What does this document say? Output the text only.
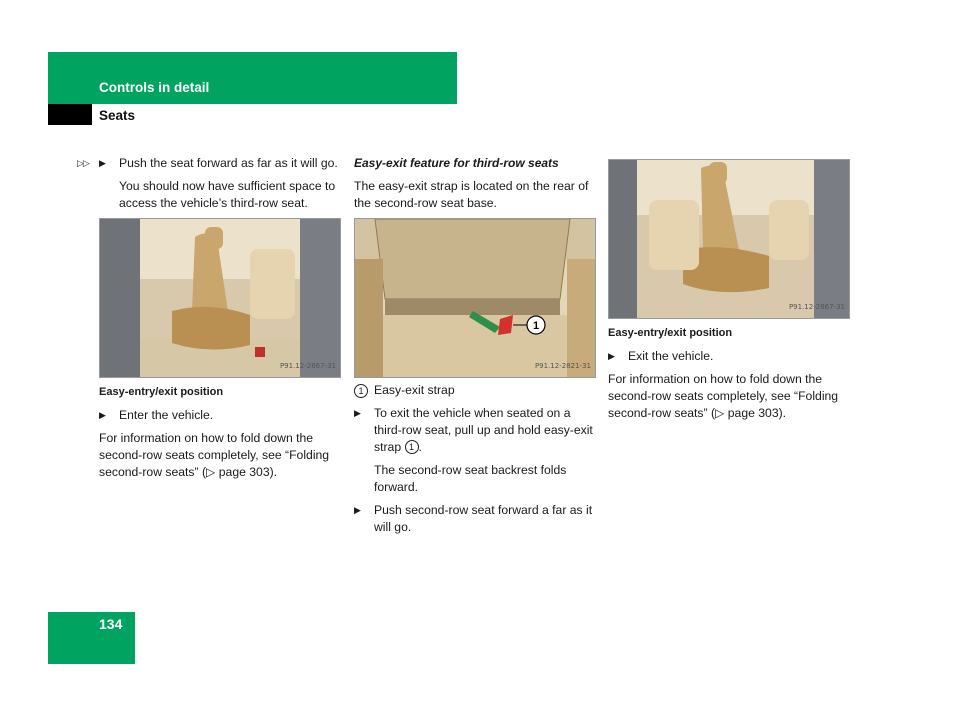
Controls in detail
Seats
▷▷ ▶ Push the seat forward as far as it will go.
You should now have sufficient space to access the vehicle’s third-row seat.
P91.12-2867-31
Easy-entry/exit position
▶ Enter the vehicle.
For information on how to fold down the second-row seats completely, see “Folding second-row seats” (▷ page 303).
Easy-exit feature for third-row seats
The easy-exit strap is located on the rear of the second-row seat base.
1
P91.12-2821-31
1 Easy-exit strap
▶ To exit the vehicle when seated on a third-row seat, pull up and hold easy-exit strap 1 .
The second-row seat backrest folds forward.
▶ Push second-row seat forward a far as it will go.
P91.12-2867-31
Easy-entry/exit position
▶ Exit the vehicle.
For information on how to fold down the second-row seats completely, see “Folding second-row seats” (▷ page 303).
134
